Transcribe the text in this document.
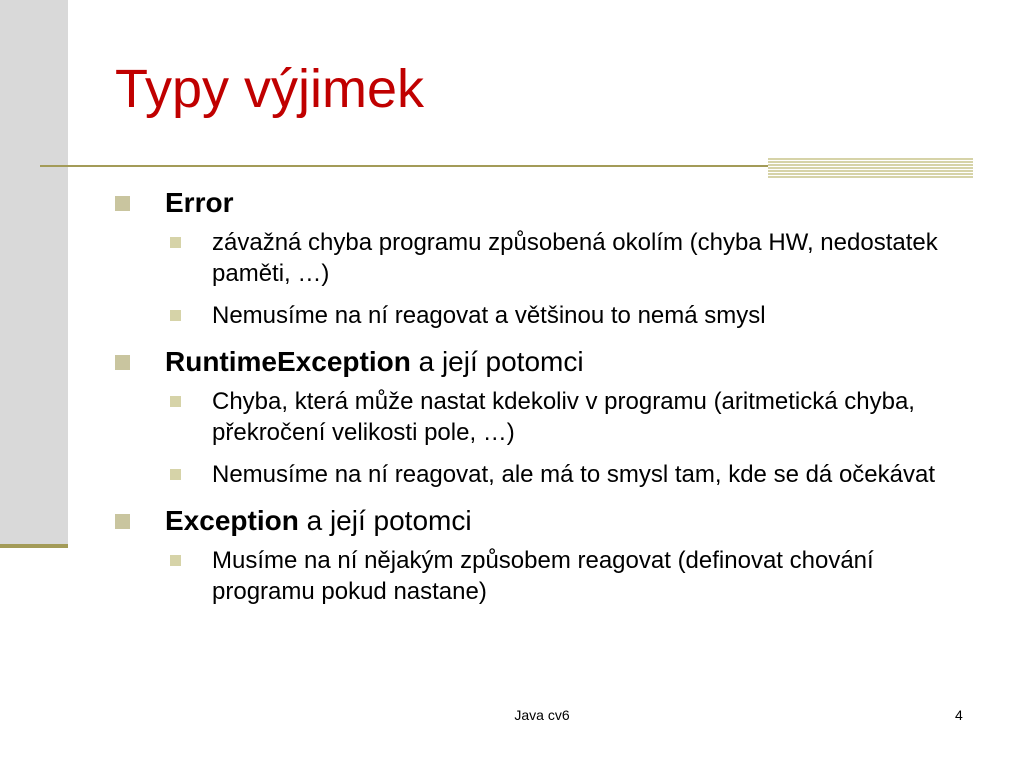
Typy výjimek
Error
závažná chyba programu způsobená okolím (chyba HW, nedostatek paměti, …)
Nemusíme na ní reagovat a většinou to nemá smysl
RuntimeException a její potomci
Chyba, která může nastat kdekoliv v programu (aritmetická chyba, překročení velikosti pole, …)
Nemusíme na ní reagovat, ale má to smysl tam, kde se dá očekávat
Exception a její potomci
Musíme na ní nějakým způsobem reagovat (definovat chování programu pokud nastane)
Java cv6	4
